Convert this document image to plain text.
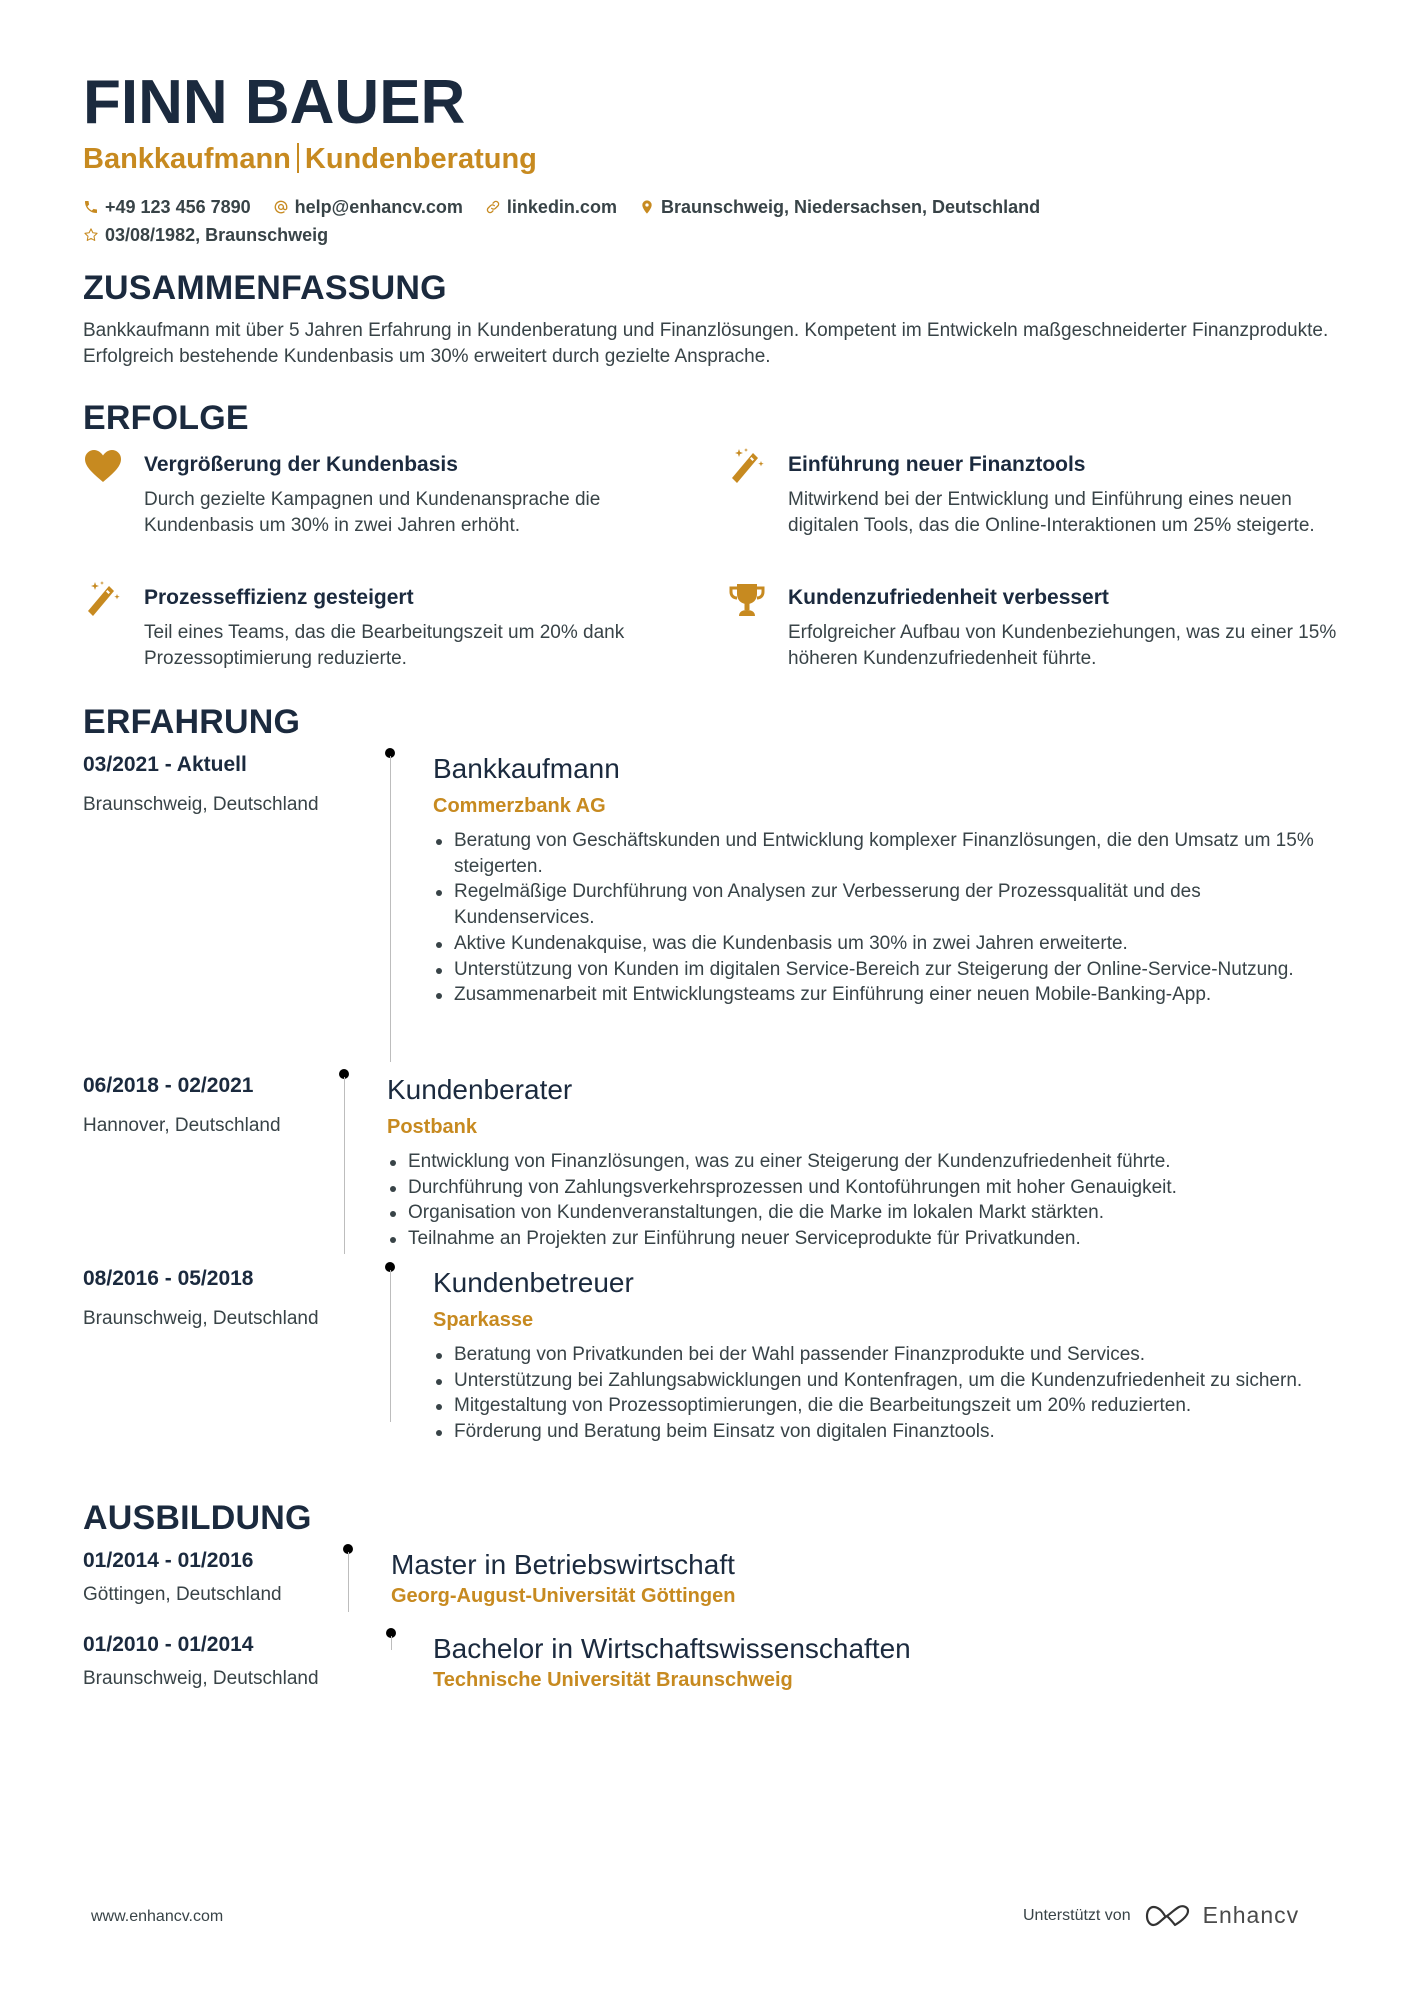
FINN BAUER
Bankkaufmann Kundenberatung
+49 123 456 7890 help@enhancv.com linkedin.com Braunschweig, Niedersachsen, Deutschland
03/08/1982, Braunschweig
ZUSAMMENFASSUNG
Bankkaufmann mit über 5 Jahren Erfahrung in Kundenberatung und Finanzlösungen. Kompetent im Entwickeln maßgeschneiderter Finanzprodukte. Erfolgreich bestehende Kundenbasis um 30% erweitert durch gezielte Ansprache.
ERFOLGE
Vergrößerung der Kundenbasis
Durch gezielte Kampagnen und Kundenansprache die Kundenbasis um 30% in zwei Jahren erhöht.
Einführung neuer Finanztools
Mitwirkend bei der Entwicklung und Einführung eines neuen digitalen Tools, das die Online-Interaktionen um 25% steigerte.
Prozesseffizienz gesteigert
Teil eines Teams, das die Bearbeitungszeit um 20% dank Prozessoptimierung reduzierte.
Kundenzufriedenheit verbessert
Erfolgreicher Aufbau von Kundenbeziehungen, was zu einer 15% höheren Kundenzufriedenheit führte.
ERFAHRUNG
03/2021 - Aktuell
Braunschweig, Deutschland
Bankkaufmann
Commerzbank AG
Beratung von Geschäftskunden und Entwicklung komplexer Finanzlösungen, die den Umsatz um 15% steigerten.
Regelmäßige Durchführung von Analysen zur Verbesserung der Prozessqualität und des Kundenservices.
Aktive Kundenakquise, was die Kundenbasis um 30% in zwei Jahren erweiterte.
Unterstützung von Kunden im digitalen Service-Bereich zur Steigerung der Online-Service-Nutzung.
Zusammenarbeit mit Entwicklungsteams zur Einführung einer neuen Mobile-Banking-App.
06/2018 - 02/2021
Hannover, Deutschland
Kundenberater
Postbank
Entwicklung von Finanzlösungen, was zu einer Steigerung der Kundenzufriedenheit führte.
Durchführung von Zahlungsverkehrsprozessen und Kontoführungen mit hoher Genauigkeit.
Organisation von Kundenveranstaltungen, die die Marke im lokalen Markt stärkten.
Teilnahme an Projekten zur Einführung neuer Serviceprodukte für Privatkunden.
08/2016 - 05/2018
Braunschweig, Deutschland
Kundenbetreuer
Sparkasse
Beratung von Privatkunden bei der Wahl passender Finanzprodukte und Services.
Unterstützung bei Zahlungsabwicklungen und Kontenfragen, um die Kundenzufriedenheit zu sichern.
Mitgestaltung von Prozessoptimierungen, die die Bearbeitungszeit um 20% reduzierten.
Förderung und Beratung beim Einsatz von digitalen Finanztools.
AUSBILDUNG
01/2014 - 01/2016
Göttingen, Deutschland
Master in Betriebswirtschaft
Georg-August-Universität Göttingen
01/2010 - 01/2014
Braunschweig, Deutschland
Bachelor in Wirtschaftswissenschaften
Technische Universität Braunschweig
www.enhancv.com	Unterstützt von	Enhancv
